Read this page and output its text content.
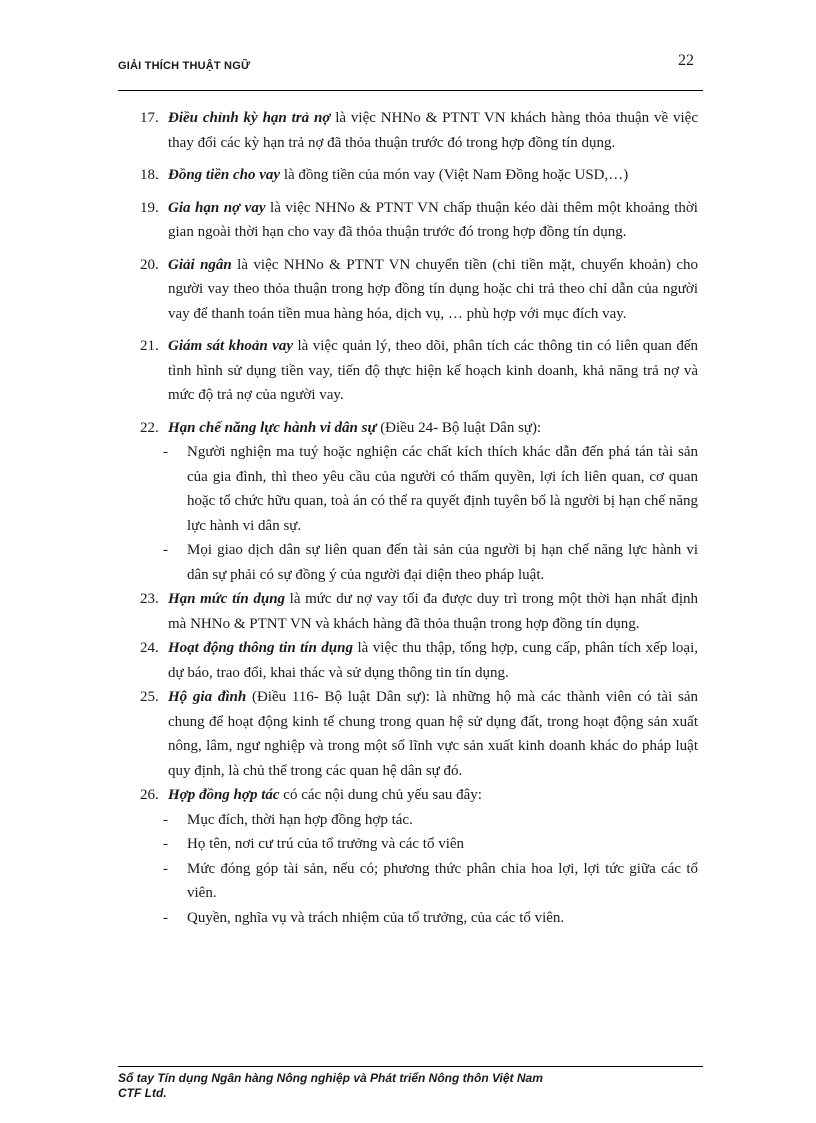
GIẢI THÍCH THUẬT NGỮ	22
17. Điều chỉnh kỳ hạn trả nợ là việc NHNo & PTNT VN khách hàng thỏa thuận về việc thay đổi các kỳ hạn trả nợ đã thỏa thuận trước đó trong hợp đồng tín dụng.
18. Đồng tiền cho vay là đồng tiền của món vay (Việt Nam Đồng hoặc USD,…)
19. Gia hạn nợ vay là việc NHNo & PTNT VN chấp thuận kéo dài thêm một khoảng thời gian ngoài thời hạn cho vay đã thỏa thuận trước đó trong hợp đồng tín dụng.
20. Giải ngân là việc NHNo & PTNT VN chuyển tiền (chi tiền mặt, chuyển khoản) cho người vay theo thỏa thuận trong hợp đồng tín dụng hoặc chi trả theo chỉ dẫn của người vay để thanh toán tiền mua hàng hóa, dịch vụ, … phù hợp với mục đích vay.
21. Giám sát khoản vay là việc quản lý, theo dõi, phân tích các thông tin có liên quan đến tình hình sử dụng tiền vay, tiến độ thực hiện kế hoạch kinh doanh, khả năng trả nợ và mức độ trả nợ của người vay.
22. Hạn chế năng lực hành vi dân sự (Điều 24- Bộ luật Dân sự):
- Người nghiện ma tuý hoặc nghiện các chất kích thích khác dẫn đến phá tán tài sản của gia đình, thì theo yêu cầu của người có thẩm quyền, lợi ích liên quan, cơ quan hoặc tổ chức hữu quan, toà án có thể ra quyết định tuyên bố là người bị hạn chế năng lực hành vi dân sự.
- Mọi giao dịch dân sự liên quan đến tài sản của người bị hạn chế năng lực hành vi dân sự phải có sự đồng ý của người đại diện theo pháp luật.
23. Hạn mức tín dụng là mức dư nợ vay tối đa được duy trì trong một thời hạn nhất định mà NHNo & PTNT VN và khách hàng đã thỏa thuận trong hợp đồng tín dụng.
24. Hoạt động thông tin tín dụng là việc thu thập, tổng hợp, cung cấp, phân tích xếp loại, dự báo, trao đổi, khai thác và sử dụng thông tin tín dụng.
25. Hộ gia đình (Điều 116- Bộ luật Dân sự): là những hộ mà các thành viên có tài sản chung để hoạt động kinh tế chung trong quan hệ sử dụng đất, trong hoạt động sản xuất nông, lâm, ngư nghiệp và trong một số lĩnh vực sản xuất kinh doanh khác do pháp luật quy định, là chủ thể trong các quan hệ dân sự đó.
26. Hợp đồng hợp tác có các nội dung chủ yếu sau đây:
- Mục đích, thời hạn hợp đồng hợp tác.
- Họ tên, nơi cư trú của tổ trưởng và các tổ viên
- Mức đóng góp tài sản, nếu có; phương thức phân chia hoa lợi, lợi tức giữa các tổ viên.
- Quyền, nghĩa vụ và trách nhiệm của tổ trưởng, của các tổ viên.
Sổ tay Tín dụng Ngân hàng Nông nghiệp và Phát triển Nông thôn Việt Nam
CTF Ltd.
